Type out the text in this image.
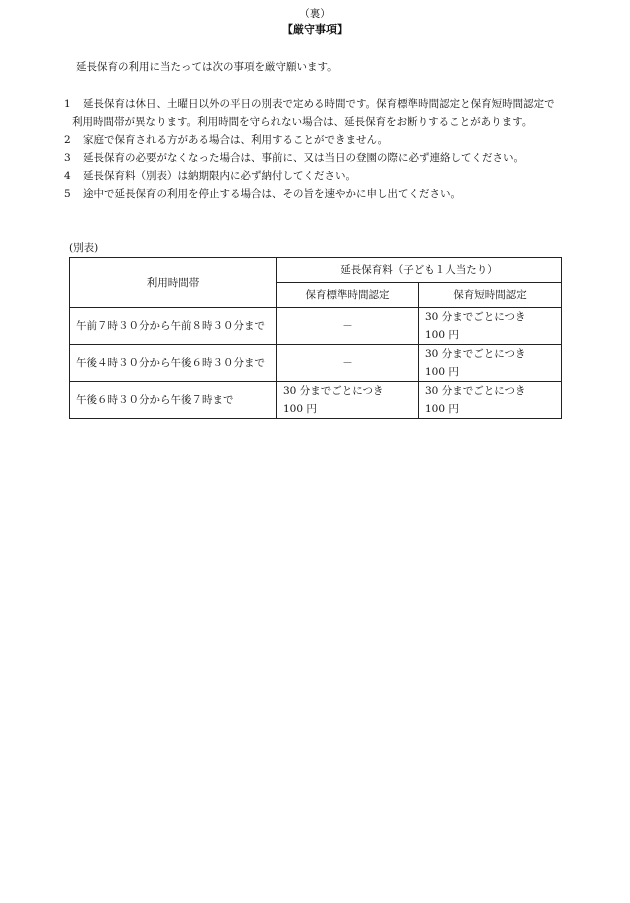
（裏）
【厳守事項】
延長保育の利用に当たっては次の事項を厳守願います。
1 延長保育は休日、土曜日以外の平日の別表で定める時間です。保育標準時間認定と保育短時間認定で
利用時間帯が異なります。利用時間を守られない場合は、延長保育をお断りすることがあります。
2 家庭で保育される方がある場合は、利用することができません。
3 延長保育の必要がなくなった場合は、事前に、又は当日の登園の際に必ず連絡してください。
4 延長保育料（別表）は納期限内に必ず納付してください。
5 途中で延長保育の利用を停止する場合は、その旨を速やかに申し出てください。
(別表)
利用時間帯	延長保育料（子ども１人当たり）	
	保育標準時間認定	保育短時間認定
午前７時３０分から午前８時３０分まで	－	30 分までごとにつき
100 円

午後４時３０分から午後６時３０分まで	－	30 分までごとにつき
100 円

午後６時３０分から午後７時まで	30 分までごとにつき
100 円	30 分までごとにつき
100 円
